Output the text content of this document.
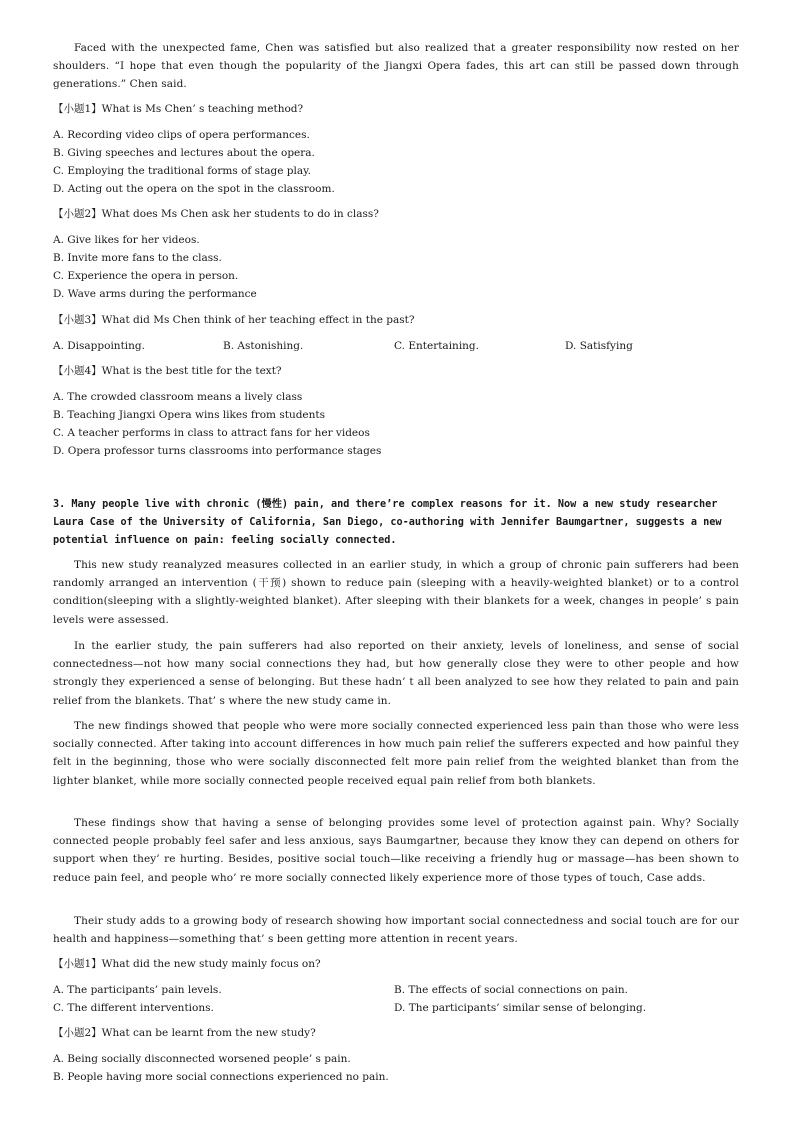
Faced with the unexpected fame, Chen was satisfied but also realized that a greater responsibility now rested on her shoulders. “I hope that even though the popularity of the Jiangxi Opera fades, this art can still be passed down through generations.” Chen said.

【小题1】What is Ms Chen’ s teaching method?

A. Recording video clips of opera performances.

B. Giving speeches and lectures about the opera.

C. Employing the traditional forms of stage play.

D. Acting out the opera on the spot in the classroom.

【小题2】What does Ms Chen ask her students to do in class?

A. Give likes for her videos.

B. Invite more fans to the class.

C. Experience the opera in person.

D. Wave arms during the performance

【小题3】What did Ms Chen think of her teaching effect in the past?

A. Disappointing.	B. Astonishing.	C. Entertaining.	D. Satisfying

【小题4】What is the best title for the text?

A. The crowded classroom means a lively class

B. Teaching Jiangxi Opera wins likes from students

C. A teacher performs in class to attract fans for her videos

D. Opera professor turns classrooms into performance stages

3. Many people live with chronic (慢性) pain, and there’re complex reasons for it. Now a new study researcher Laura Case of the University of California, San Diego, co-authoring with Jennifer Baumgartner, suggests a new potential influence on pain: feeling socially connected.

This new study reanalyzed measures collected in an earlier study, in which a group of chronic pain sufferers had been randomly arranged an intervention (干预) shown to reduce pain (sleeping with a heavily-weighted blanket) or to a control condition(sleeping with a slightly-weighted blanket). After sleeping with their blankets for a week, changes in people’ s pain levels were assessed.

In the earlier study, the pain sufferers had also reported on their anxiety, levels of loneliness, and sense of social connectedness—not how many social connections they had, but how generally close they were to other people and how strongly they experienced a sense of belonging. But these hadn’ t all been analyzed to see how they related to pain and pain relief from the blankets. That’ s where the new study came in.

The new findings showed that people who were more socially connected experienced less pain than those who were less socially connected. After taking into account differences in how much pain relief the sufferers expected and how painful they felt in the beginning, those who were socially disconnected felt more pain relief from the weighted blanket than from the lighter blanket, while more socially connected people received equal pain relief from both blankets.

These findings show that having a sense of belonging provides some level of protection against pain. Why? Socially connected people probably feel safer and less anxious, says Baumgartner, because they know they can depend on others for support when they’ re hurting. Besides, positive social touch—like receiving a friendly hug or massage—has been shown to reduce pain feel, and people who’ re more socially connected likely experience more of those types of touch, Case adds.

Their study adds to a growing body of research showing how important social connectedness and social touch are for our health and happiness—something that’ s been getting more attention in recent years.

【小题1】What did the new study mainly focus on?

A. The participants’ pain levels.	B. The effects of social connections on pain.

C. The different interventions.	D. The participants’ similar sense of belonging.

【小题2】What can be learnt from the new study?

A. Being socially disconnected worsened people’ s pain.

B. People having more social connections experienced no pain.
